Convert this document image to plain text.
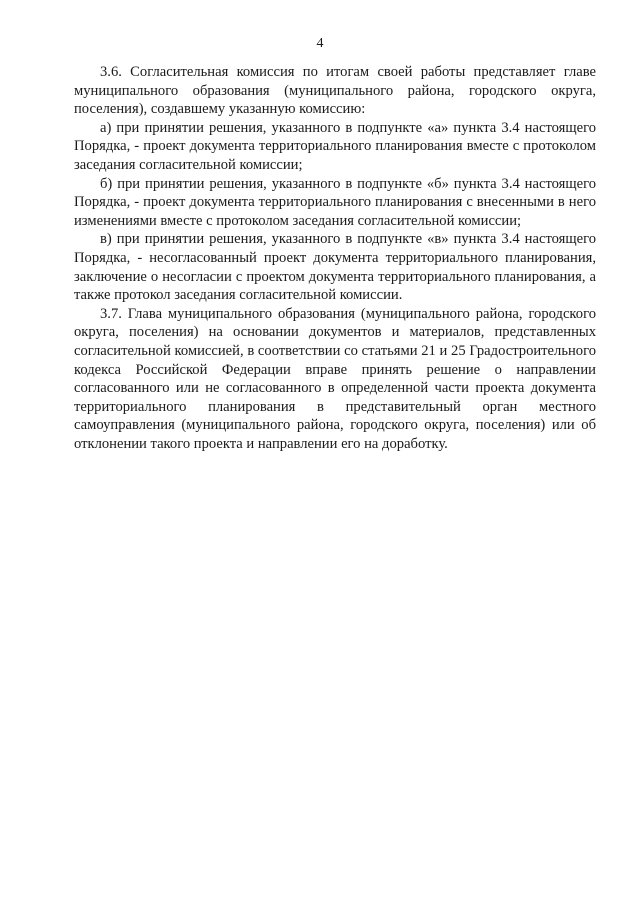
4

3.6. Согласительная комиссия по итогам своей работы представляет главе муниципального образования (муниципального района, городского округа, поселения), создавшему указанную комиссию:

а) при принятии решения, указанного в подпункте «а» пункта 3.4 настоящего Порядка, - проект документа территориального планирования вместе с протоколом заседания согласительной комиссии;

б) при принятии решения, указанного в подпункте «б» пункта 3.4 настоящего Порядка, - проект документа территориального планирования с внесенными в него изменениями вместе с протоколом заседания согласительной комиссии;

в) при принятии решения, указанного в подпункте «в» пункта 3.4 настоящего Порядка, - несогласованный проект документа территориального планирования, заключение о несогласии с проектом документа территориального планирования, а также протокол заседания согласительной комиссии.

3.7. Глава муниципального образования (муниципального района, городского округа, поселения) на основании документов и материалов, представленных согласительной комиссией, в соответствии со статьями 21 и 25 Градостроительного кодекса Российской Федерации вправе принять решение о направлении согласованного или не согласованного в определенной части проекта документа территориального планирования в представительный орган местного самоуправления (муниципального района, городского округа, поселения) или об отклонении такого проекта и направлении его на доработку.
